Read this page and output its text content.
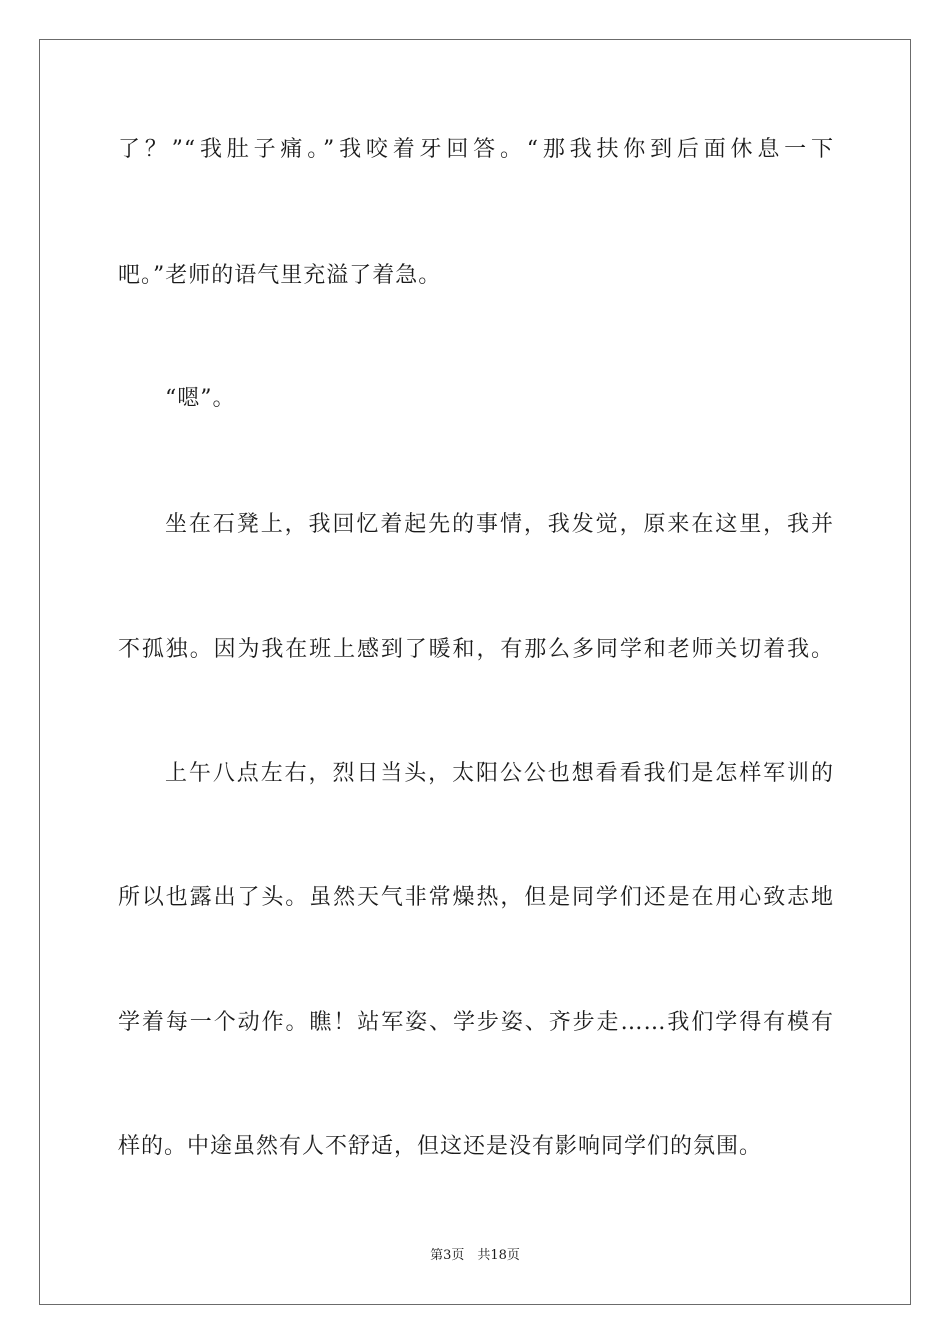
了？”“我肚子痛。”我咬着牙回答。“那我扶你到后面休息一下
吧。”老师的语气里充溢了着急。
“嗯”。
坐在石凳上，我回忆着起先的事情，我发觉，原来在这里，我并
不孤独。因为我在班上感到了暖和，有那么多同学和老师关切着我。
上午八点左右，烈日当头，太阳公公也想看看我们是怎样军训的
所以也露出了头。虽然天气非常燥热，但是同学们还是在用心致志地
学着每一个动作。瞧！站军姿、学步姿、齐步走……我们学得有模有
样的。中途虽然有人不舒适，但这还是没有影响同学们的氛围。
第3页　共18页
